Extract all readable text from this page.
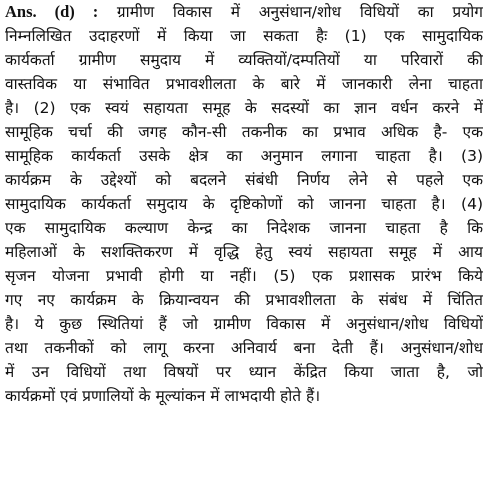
Ans. (d) : ग्रामीण विकास में अनुसंधान/शोध विधियों का प्रयोग
निम्नलिखित उदाहरणों में किया जा सकता हैः (1) एक सामुदायिक
कार्यकर्ता ग्रामीण समुदाय में व्यक्तियों/दम्पतियों या परिवारों की
वास्तविक या संभावित प्रभावशीलता के बारे में जानकारी लेना चाहता
है। (2) एक स्वयं सहायता समूह के सदस्यों का ज्ञान वर्धन करने में
सामूहिक चर्चा की जगह कौन-सी तकनीक का प्रभाव अधिक है- एक
सामूहिक कार्यकर्ता उसके क्षेत्र का अनुमान लगाना चाहता है। (3)
कार्यक्रम के उद्देश्यों को बदलने संबंधी निर्णय लेने से पहले एक
सामुदायिक कार्यकर्ता समुदाय के दृष्टिकोणों को जानना चाहता है। (4)
एक सामुदायिक कल्याण केन्द्र का निदेशक जानना चाहता है कि
महिलाओं के सशक्तिकरण में वृद्धि हेतु स्वयं सहायता समूह में आय
सृजन योजना प्रभावी होगी या नहीं। (5) एक प्रशासक प्रारंभ किये
गए नए कार्यक्रम के क्रियान्वयन की प्रभावशीलता के संबंध में चिंतित
है। ये कुछ स्थितियां हैं जो ग्रामीण विकास में अनुसंधान/शोध विधियों
तथा तकनीकों को लागू करना अनिवार्य बना देती हैं। अनुसंधान/शोध
में उन विधियों तथा विषयों पर ध्यान केंद्रित किया जाता है, जो
कार्यक्रमों एवं प्रणालियों के मूल्यांकन में लाभदायी होते हैं।
